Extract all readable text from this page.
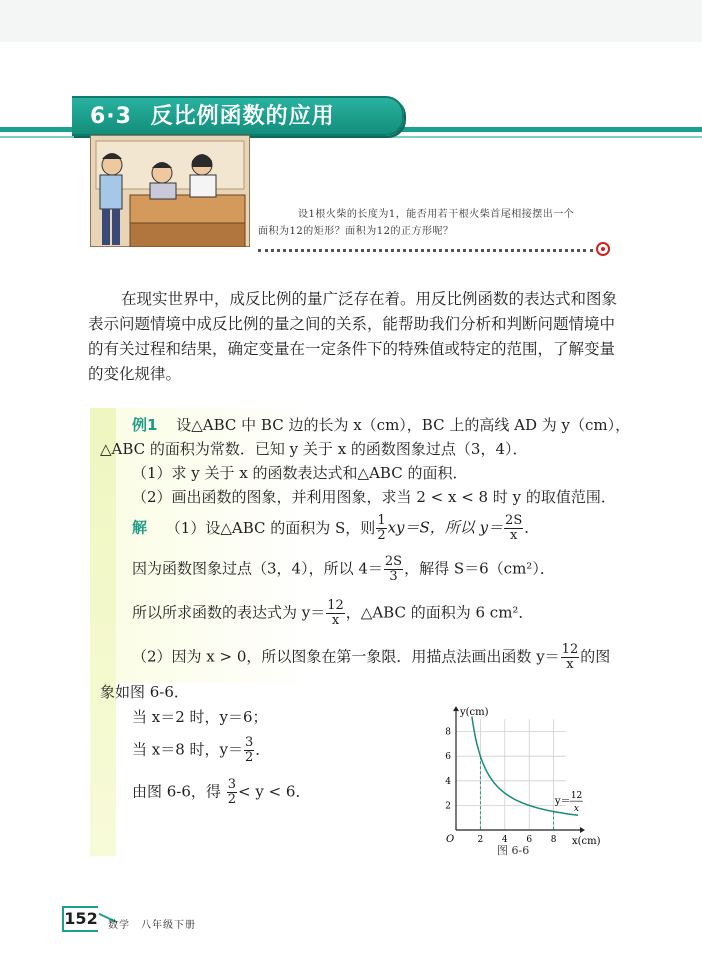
6·3 反比例函数的应用
设1根火柴的长度为1，能否用若干根火柴首尾相接摆出一个
面积为12的矩形？面积为12的正方形呢？
在现实世界中，成反比例的量广泛存在着。用反比例函数的表达式和图象表示问题情境中成反比例的量之间的关系，能帮助我们分析和判断问题情境中的有关过程和结果，确定变量在一定条件下的特殊值或特定的范围，了解变量的变化规律。
例1 设△ABC 中 BC 边的长为 x（cm），BC 上的高线 AD 为 y（cm），
△ABC 的面积为常数．已知 y 关于 x 的函数图象过点（3，4）．
（1）求 y 关于 x 的函数表达式和△ABC 的面积．
（2）画出函数的图象，并利用图象，求当 2 < x < 8 时 y 的取值范围．
解 （1）设△ABC 的面积为 S，则 $\frac{1}{2} xy=S$，所以 $y= \frac{2S}{x}$ ．
因为函数图象过点（3，4），所以 $4= \frac{2S}{3}$ ，解得 S＝6（cm²）．
所以所求函数的表达式为 $y= \frac{12}{x}$ ，△ABC 的面积为 6 cm²．
（2）因为 x > 0，所以图象在第一象限．用描点法画出函数 $y= \frac{12}{x}$ 的图
象如图 6-6．
当 x＝2 时，y＝6；
当 x＝8 时，$y= \frac{3}{2}$ ．
由图 6-6，得 $\frac{3}{2} < y < 6$．
2 4 6 8
2
4
6
8
x(cm)
y(cm)
O
y＝ 12
x
图 6-6
152 数学　八年级下册
